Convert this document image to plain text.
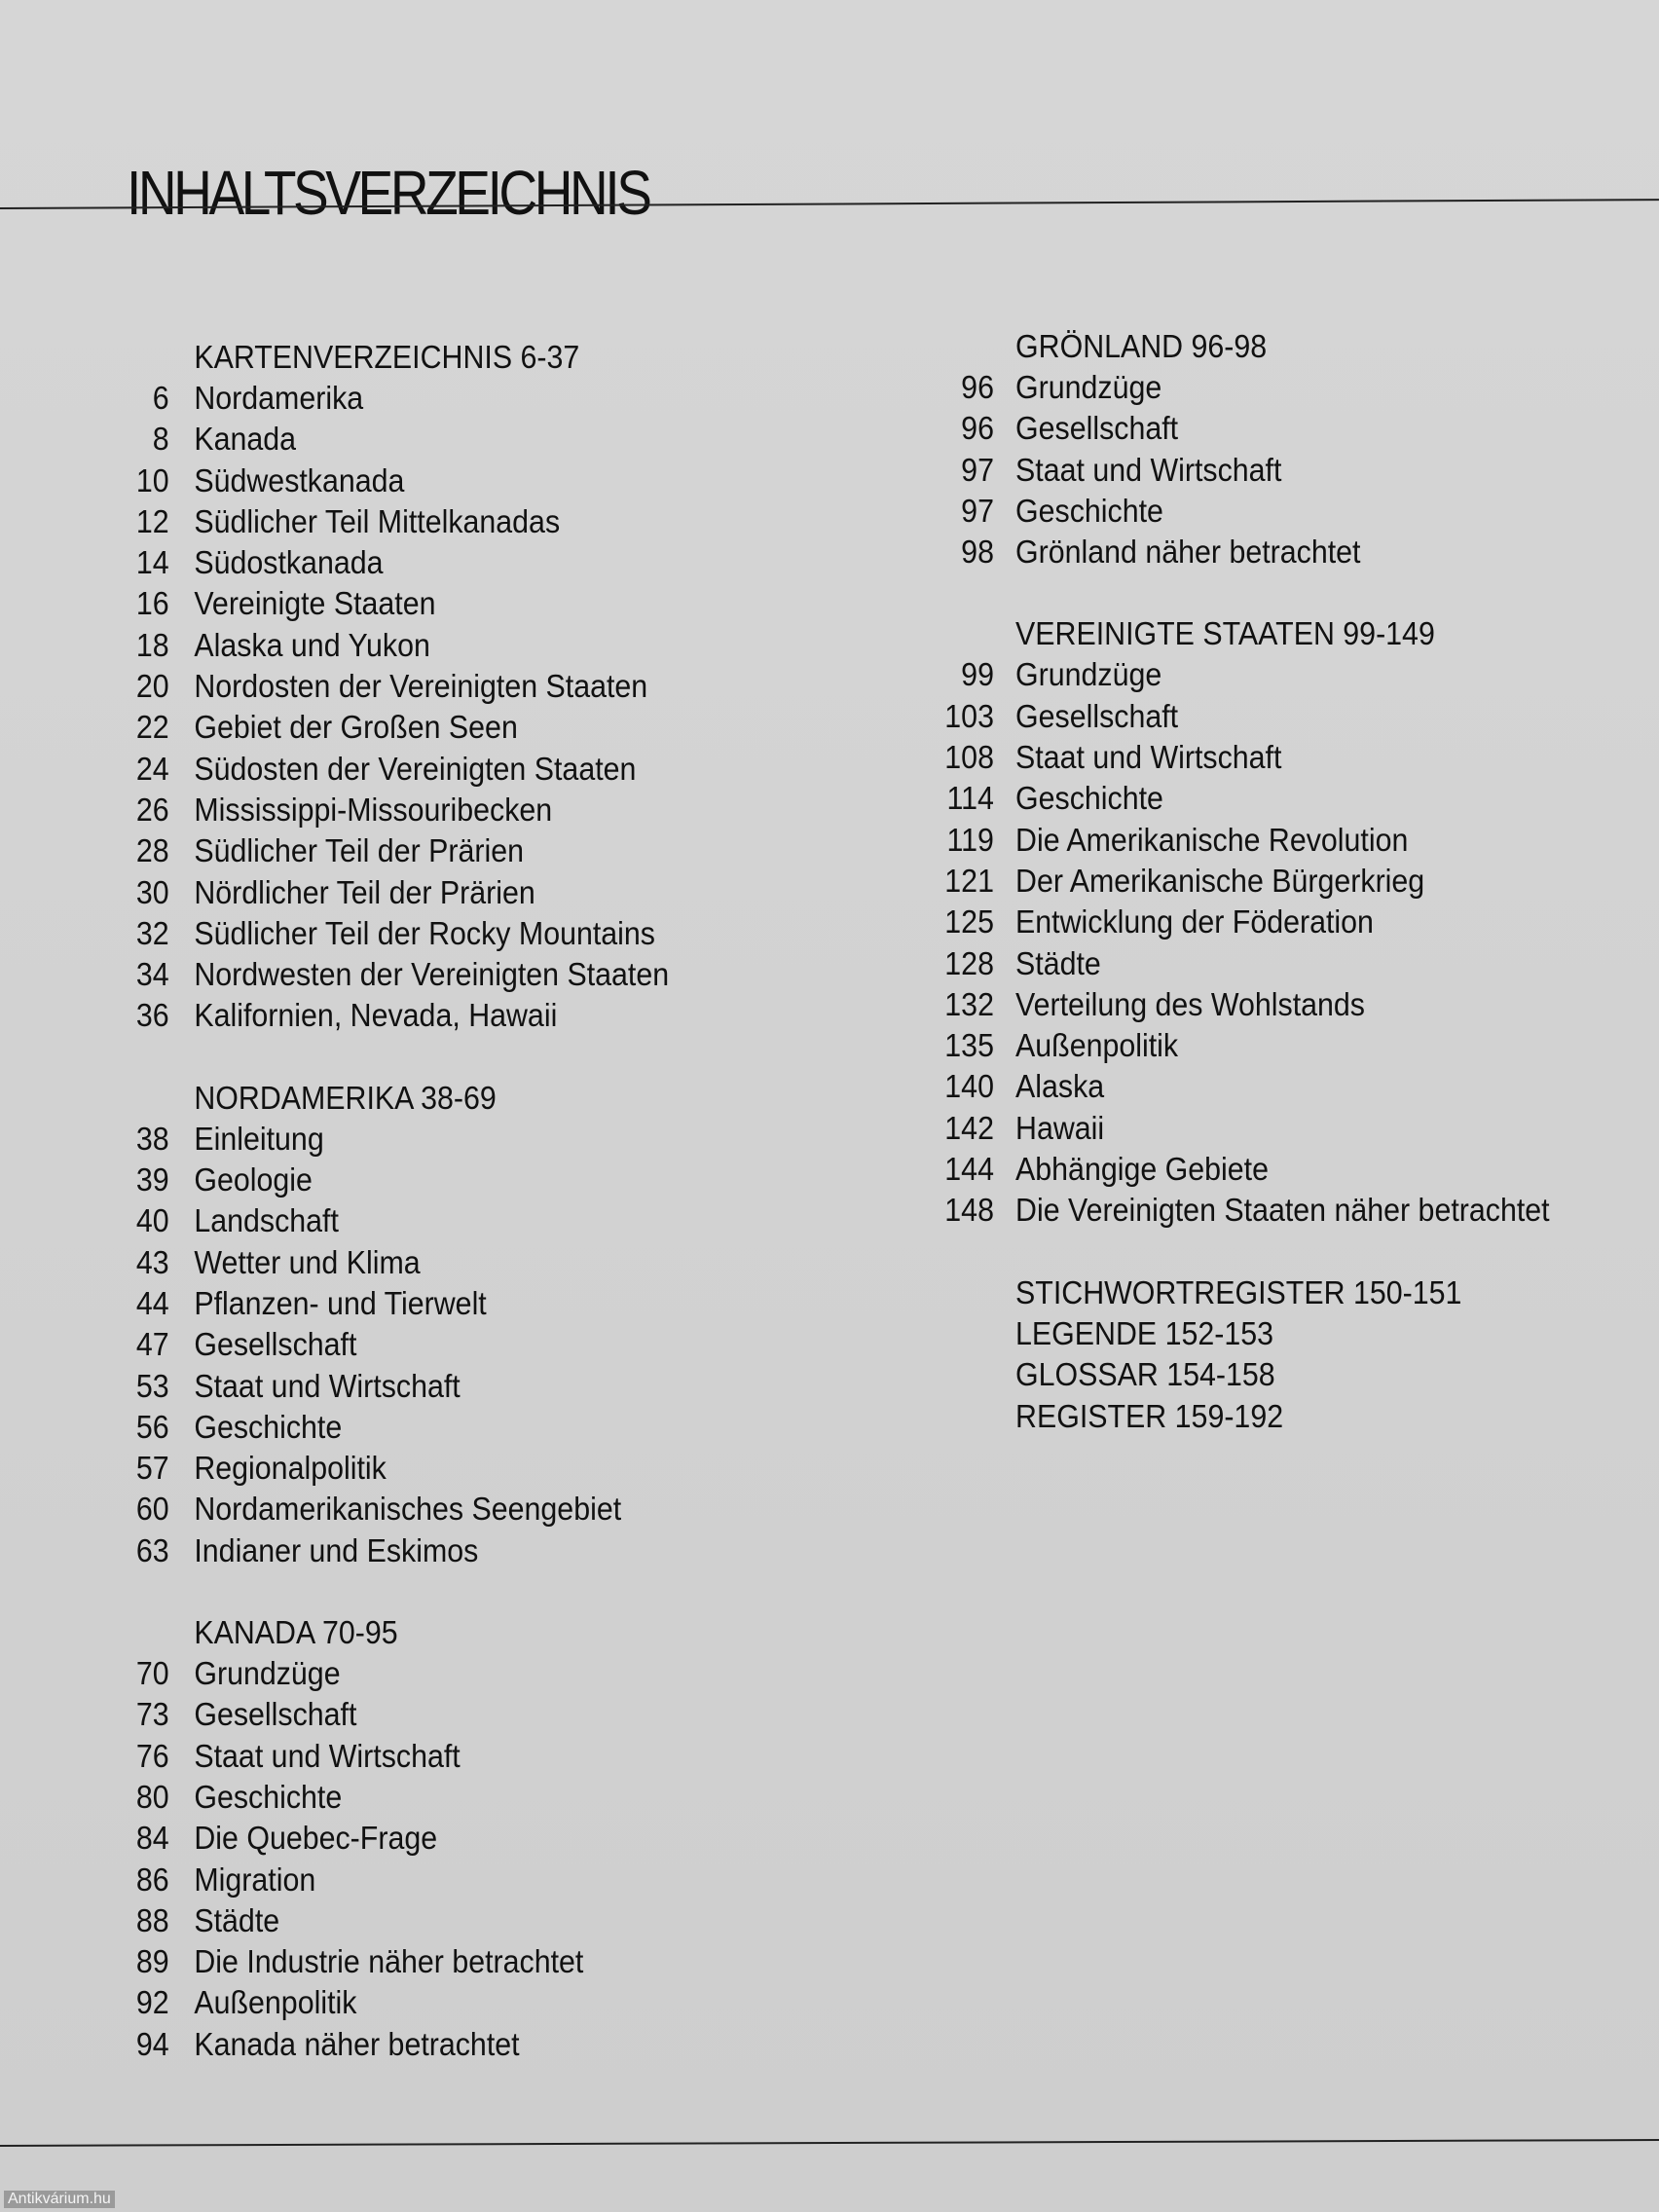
INHALTSVERZEICHNIS
KARTENVERZEICHNIS 6-37
6 Nordamerika
8 Kanada
10 Südwestkanada
12 Südlicher Teil Mittelkanadas
14 Südostkanada
16 Vereinigte Staaten
18 Alaska und Yukon
20 Nordosten der Vereinigten Staaten
22 Gebiet der Großen Seen
24 Südosten der Vereinigten Staaten
26 Mississippi-Missouribecken
28 Südlicher Teil der Prärien
30 Nördlicher Teil der Prärien
32 Südlicher Teil der Rocky Mountains
34 Nordwesten der Vereinigten Staaten
36 Kalifornien, Nevada, Hawaii
NORDAMERIKA 38-69
38 Einleitung
39 Geologie
40 Landschaft
43 Wetter und Klima
44 Pflanzen- und Tierwelt
47 Gesellschaft
53 Staat und Wirtschaft
56 Geschichte
57 Regionalpolitik
60 Nordamerikanisches Seengebiet
63 Indianer und Eskimos
KANADA 70-95
70 Grundzüge
73 Gesellschaft
76 Staat und Wirtschaft
80 Geschichte
84 Die Quebec-Frage
86 Migration
88 Städte
89 Die Industrie näher betrachtet
92 Außenpolitik
94 Kanada näher betrachtet
GRÖNLAND 96-98
96 Grundzüge
96 Gesellschaft
97 Staat und Wirtschaft
97 Geschichte
98 Grönland näher betrachtet
VEREINIGTE STAATEN 99-149
99 Grundzüge
103 Gesellschaft
108 Staat und Wirtschaft
114 Geschichte
119 Die Amerikanische Revolution
121 Der Amerikanische Bürgerkrieg
125 Entwicklung der Föderation
128 Städte
132 Verteilung des Wohlstands
135 Außenpolitik
140 Alaska
142 Hawaii
144 Abhängige Gebiete
148 Die Vereinigten Staaten näher betrachtet
STICHWORTREGISTER 150-151
LEGENDE 152-153
GLOSSAR 154-158
REGISTER 159-192
Antikvárium.hu
